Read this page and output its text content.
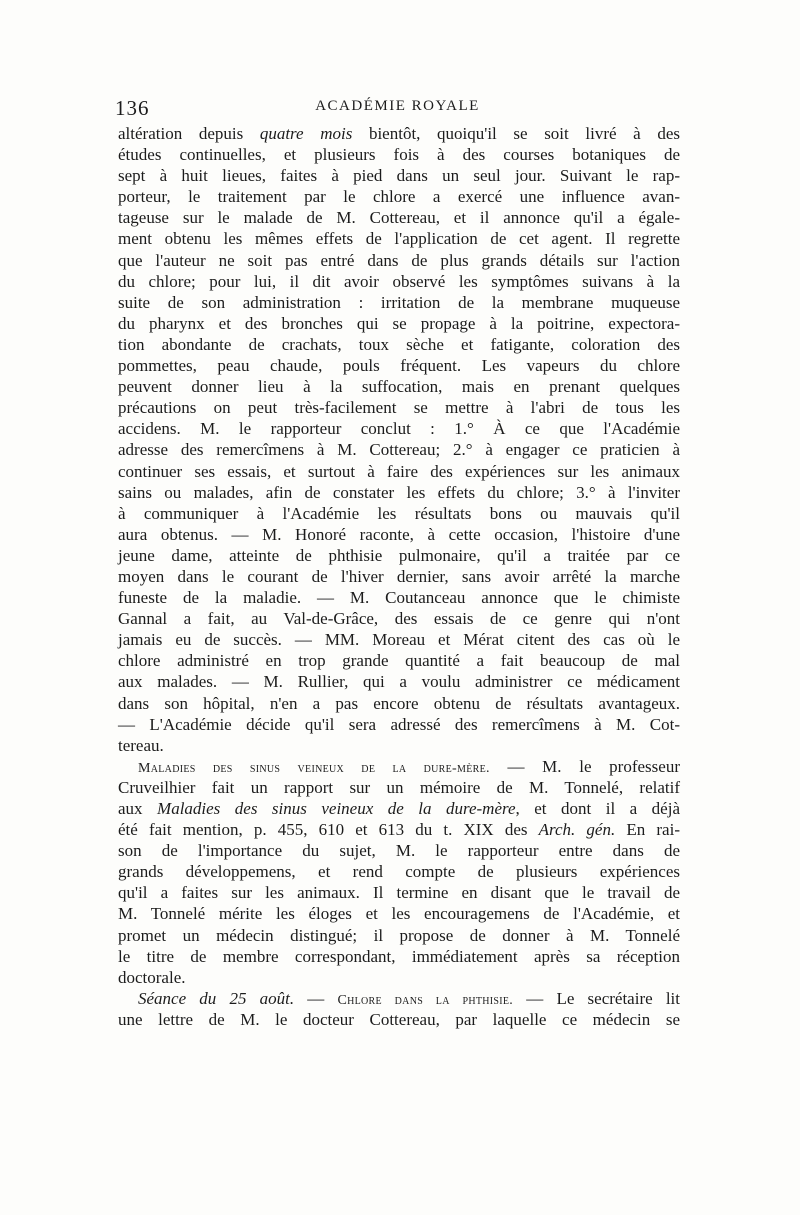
136	ACADÉMIE ROYALE
altération depuis quatre mois bientôt, quoiqu'il se soit livré à des
études continuelles, et plusieurs fois à des courses botaniques de
sept à huit lieues, faites à pied dans un seul jour. Suivant le rap-
porteur, le traitement par le chlore a exercé une influence avan-
tageuse sur le malade de M. Cottereau, et il annonce qu'il a égale-
ment obtenu les mêmes effets de l'application de cet agent. Il regrette
que l'auteur ne soit pas entré dans de plus grands détails sur l'action
du chlore; pour lui, il dit avoir observé les symptômes suivans à la
suite de son administration : irritation de la membrane muqueuse
du pharynx et des bronches qui se propage à la poitrine, expectora-
tion abondante de crachats, toux sèche et fatigante, coloration des
pommettes, peau chaude, pouls fréquent. Les vapeurs du chlore
peuvent donner lieu à la suffocation, mais en prenant quelques
précautions on peut très-facilement se mettre à l'abri de tous les
accidens. M. le rapporteur conclut : 1.° À ce que l'Académie
adresse des remercîmens à M. Cottereau; 2.° à engager ce praticien à
continuer ses essais, et surtout à faire des expériences sur les animaux
sains ou malades, afin de constater les effets du chlore; 3.° à l'inviter
à communiquer à l'Académie les résultats bons ou mauvais qu'il
aura obtenus. — M. Honoré raconte, à cette occasion, l'histoire d'une
jeune dame, atteinte de phthisie pulmonaire, qu'il a traitée par ce
moyen dans le courant de l'hiver dernier, sans avoir arrêté la marche
funeste de la maladie. — M. Coutanceau annonce que le chimiste
Gannal a fait, au Val-de-Grâce, des essais de ce genre qui n'ont
jamais eu de succès. — MM. Moreau et Mérat citent des cas où le
chlore administré en trop grande quantité a fait beaucoup de mal
aux malades. — M. Rullier, qui a voulu administrer ce médicament
dans son hôpital, n'en a pas encore obtenu de résultats avantageux.
— L'Académie décide qu'il sera adressé des remercîmens à M. Cot-
tereau.
Maladies des sinus veineux de la dure-mère. — M. le professeur
Cruveilhier fait un rapport sur un mémoire de M. Tonnelé, relatif
aux Maladies des sinus veineux de la dure-mère, et dont il a déjà
été fait mention, p. 455, 610 et 613 du t. XIX des Arch. gén. En rai-
son de l'importance du sujet, M. le rapporteur entre dans de
grands développemens, et rend compte de plusieurs expériences
qu'il a faites sur les animaux. Il termine en disant que le travail de
M. Tonnelé mérite les éloges et les encouragemens de l'Académie, et
promet un médecin distingué; il propose de donner à M. Tonnelé
le titre de membre correspondant, immédiatement après sa réception
doctorale.
Séance du 25 août. — Chlore dans la phthisie. — Le secrétaire lit
une lettre de M. le docteur Cottereau, par laquelle ce médecin se
